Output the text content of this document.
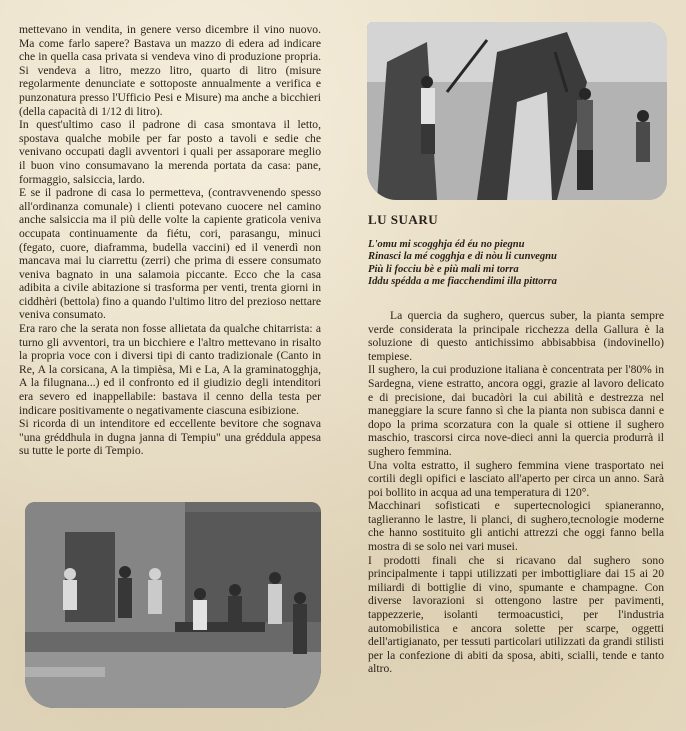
mettevano in vendita, in genere verso dicembre il vino nuovo. Ma come farlo sapere? Bastava un mazzo di edera ad indicare che in quella casa privata si vendeva vino di produzione propria. Si vendeva a litro, mezzo litro, quarto di litro (misure regolarmente denunciate e sottoposte annualmente a verifica e punzonatura presso l'Ufficio Pesi e Misure) ma anche a bicchieri (della capacità di 1/12 di litro).

In quest'ultimo caso il padrone di casa smontava il letto, spostava qualche mobile per far posto a tavoli e sedie che venivano occupati dagli avventori i quali per assaporare meglio il buon vino consumavano la merenda portata da casa: pane, formaggio, salsiccia, lardo.

E se il padrone di casa lo permetteva, (contravvenendo spesso all'ordinanza comunale) i clienti potevano cuocere nel camino anche salsiccia ma il più delle volte la capiente graticola veniva occupata continuamente da fiétu, cori, parasangu, minuci (fegato, cuore, diaframma, budella vaccini) ed il venerdì non mancava mai lu ciarrettu (zerri) che prima di essere consumato veniva bagnato in una salamoia piccante. Ecco che la casa adibita a civile abitazione si trasforma per venti, trenta giorni in ciddhèri (bettola) fino a quando l'ultimo litro del prezioso nettare veniva consumato.

Era raro che la serata non fosse allietata da qualche chitarrista: a turno gli avventori, tra un bicchiere e l'altro mettevano in risalto la propria voce con i diversi tipi di canto tradizionale (Canto in Re, A la corsicana, A la timpièsa, Mi e La, A la graminatogghja, A la filugnana...) ed il confronto ed il giudizio degli intenditori era severo ed inappellabile: bastava il cenno della testa per indicare positivamente o negativamente ciascuna esibizione.

Si ricorda di un intenditore ed eccellente bevitore che sognava "una gréddhula in dugna janna di Tempiu" una gréddula appesa su tutte le porte di Tempio.

LU SUARU
L'omu mi scogghja éd éu no piegnu
Rinasci la mé cogghja e di nòu li cunvegnu
Più li focciu bè e più mali mi torra
Iddu spédda a me fiacchendimi illa pittorra

La quercia da sughero, quercus suber, la pianta sempre verde considerata la principale ricchezza della Gallura è la soluzione di questo antichissimo abbisabbisa (indovinello) tempiese.

Il sughero, la cui produzione italiana è concentrata per l'80% in Sardegna, viene estratto, ancora oggi, grazie al lavoro delicato e di precisione, dai bucadòri la cui abilità e destrezza nel maneggiare la scure fanno sì che la pianta non subisca danni e dopo la prima scorzatura con la quale si ottiene il sughero maschio, trascorsi circa nove-dieci anni la quercia produrrà il sughero femmina.

Una volta estratto, il sughero femmina viene trasportato nei cortili degli opifici e lasciato all'aperto per circa un anno. Sarà poi bollito in acqua ad una temperatura di 120°.

Macchinari sofisticati e supertecnologici spianeranno, taglieranno le lastre, li planci, di sughero,tecnologie moderne che hanno sostituito gli antichi attrezzi che oggi fanno bella mostra di se solo nei vari musei.

I prodotti finali che si ricavano dal sughero sono principalmente i tappi utilizzati per imbottigliare dai 15 ai 20 miliardi di bottiglie di vino, spumante e champagne. Con diverse lavorazioni si ottengono lastre per pavimenti, tappezzerie, isolanti termoacustici, per l'industria automobilistica e ancora solette per scarpe, oggetti dell'artigianato, per tessuti particolari utilizzati da grandi stilisti per la confezione di abiti da sposa, abiti, scialli, tende e tanto altro.
